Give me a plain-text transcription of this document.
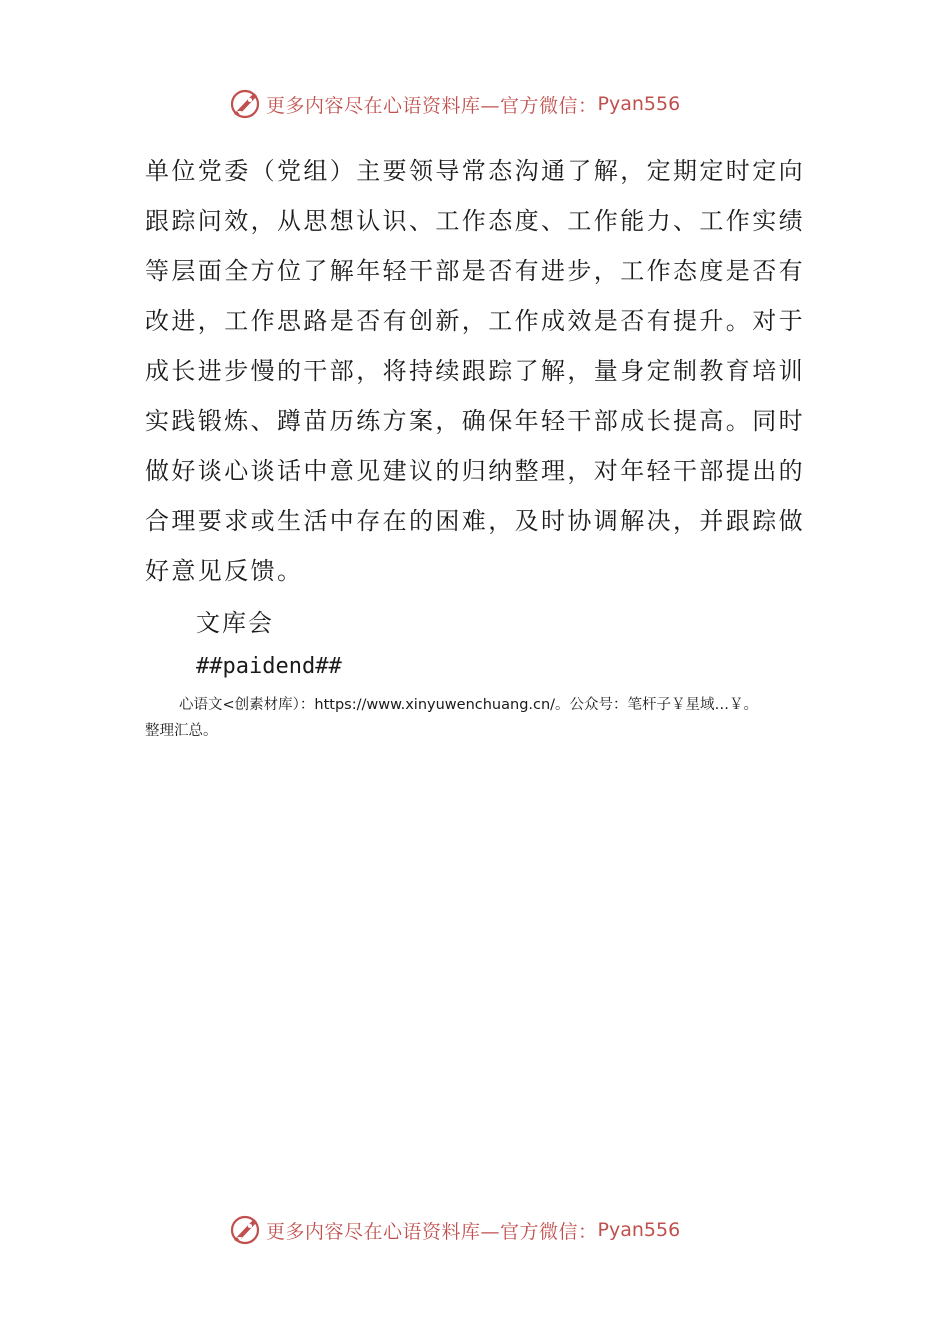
更多内容尽在心语资料库—官方微信： Pyan556
单位党委（党组）主要领导常态沟通了解，定期定时定向
跟踪问效，从思想认识、工作态度、工作能力、工作实绩
等层面全方位了解年轻干部是否有进步，工作态度是否有
改进，工作思路是否有创新，工作成效是否有提升。对于
成长进步慢的干部，将持续跟踪了解，量身定制教育培训
实践锻炼、蹲苗历练方案，确保年轻干部成长提高。同时
做好谈心谈话中意见建议的归纳整理，对年轻干部提出的
合理要求或生活中存在的困难，及时协调解决，并跟踪做
好意见反馈。
文库会
##paidend##
心语文<创素材库）：https://www.xinyuwenchuang.cn/。公众号：笔杆子￥星域…￥。
整理汇总。
更多内容尽在心语资料库—官方微信： Pyan556
